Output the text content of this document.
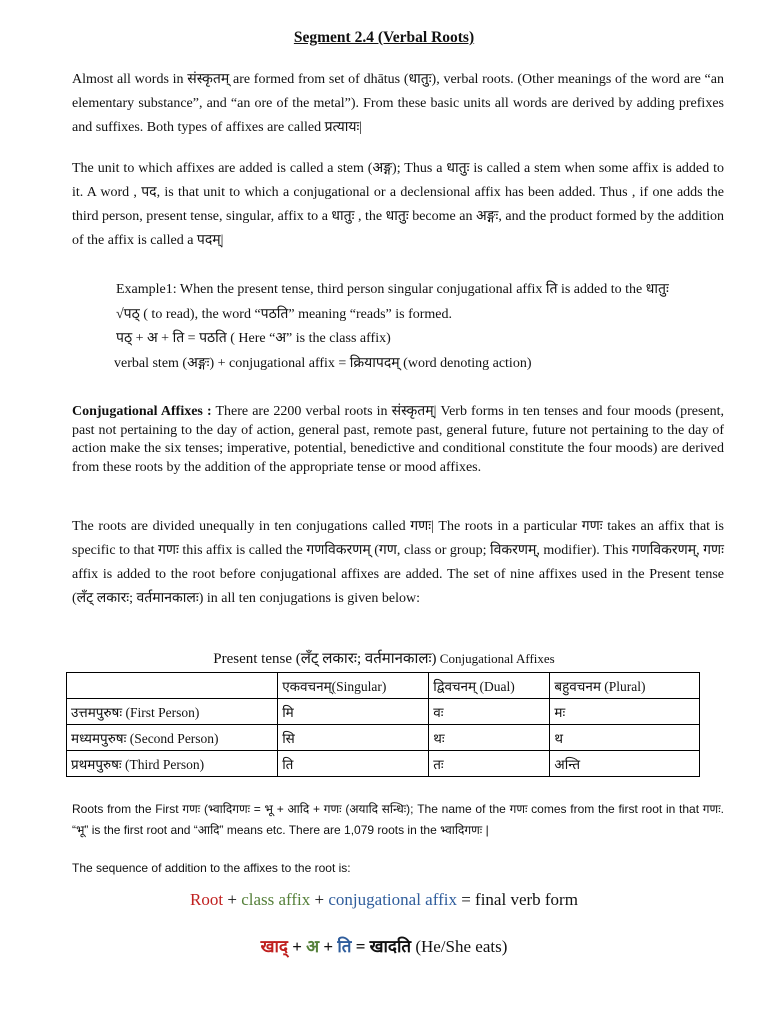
Segment 2.4 (Verbal Roots)
Almost all words in संस्कृतम् are formed from set of dhātus (धातुः), verbal roots. (Other meanings of the word are “an elementary substance”, and “an ore of the metal”). From these basic units all words are derived by adding prefixes and suffixes. Both types of affixes are called प्रत्यायः|
The unit to which affixes are added is called a stem (अङ्ग); Thus a धातुः is called a stem when some affix is added to it. A word , पद, is that unit to which a conjugational or a declensional affix has been added. Thus , if one adds the third person, present tense, singular, affix to a धातुः , the धातुः become an अङ्गः, and the product formed by the addition of the affix is called a पदम्|
Example1: When the present tense, third person singular conjugational affix ति is added to the धातुः
√पठ् ( to read), the word “पठति” meaning “reads” is formed.
पठ् + अ + ति = पठति ( Here “अ” is the class affix)
verbal stem (अङ्गः) + conjugational affix = क्रियापदम् (word denoting action)
Conjugational Affixes : There are 2200 verbal roots in संस्कृतम्| Verb forms in ten tenses and four moods (present, past not pertaining to the day of action, general past, remote past, general future, future not pertaining to the day of action make the six tenses; imperative, potential, benedictive and conditional constitute the four moods) are derived from these roots by the addition of the appropriate tense or mood affixes.
The roots are divided unequally in ten conjugations called गणः| The roots in a particular गणः takes an affix that is specific to that गणः this affix is called the गणविकरणम् (गण, class or group; विकरणम्, modifier). This गणविकरणम्, गणः affix is added to the root before conjugational affixes are added. The set of nine affixes used in the Present tense (लँट् लकारः; वर्तमानकालः) in all ten conjugations is given below:
Present tense (लँट् लकारः; वर्तमानकालः) Conjugational Affixes
	एकवचनम्(Singular)	द्विवचनम् (Dual)	बहुवचनम (Plural)
उत्तमपुरुषः (First Person)	मि	वः	मः
मध्यमपुरुषः (Second Person)	सि	थः	थ
प्रथमपुरुषः (Third Person)	ति	तः	अन्ति
Roots from the First गणः (भ्वादिगणः = भू + आदि + गणः (अयादि सन्धिः); The name of the गणः comes from the first root in that गणः. “भू” is the first root and “आदि” means etc. There are 1,079 roots in the भ्वादिगणः |
The sequence of addition to the affixes to the root is:
Root + class affix + conjugational affix = final verb form
खाद् + अ + ति = खादति (He/She eats)
